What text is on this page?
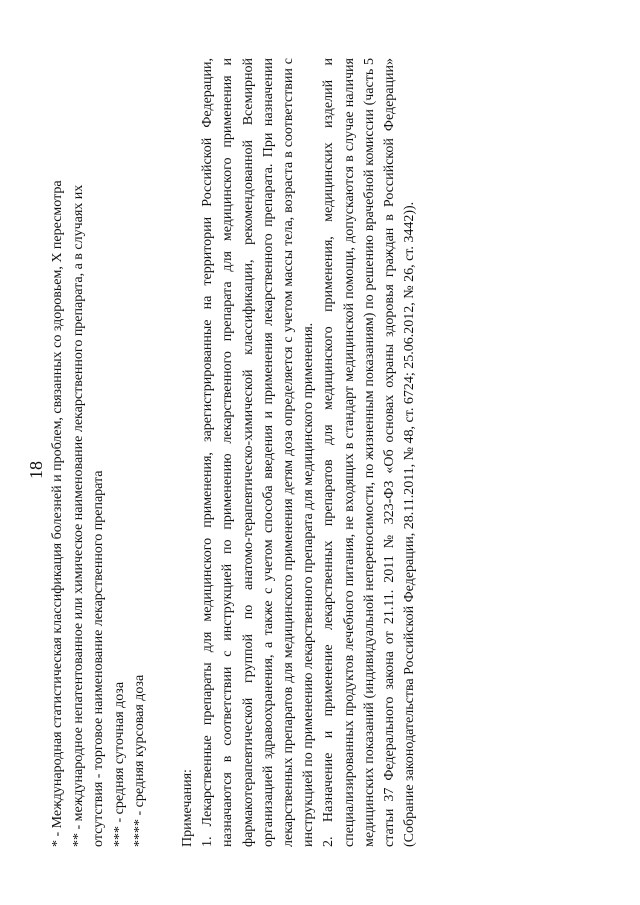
18 * - Международная статистическая классификация болезней и проблем, связанных со здоровьем, X пересмотра ** - международное непатентованное или химическое наименование лекарственного препарата, а в случаях их отсутствия - торговое наименование лекарственного препарата *** - средняя суточная доза **** - средняя курсовая доза Примечания: 1. Лекарственные препараты для медицинского применения, зарегистрированные на территории Российской Федерации, назначаются в соответствии с инструкцией по применению лекарственного препарата для медицинского применения и фармакотерапевтической группой по анатомо-терапевтическо-химической классификации, рекомендованной Всемирной организацией здравоохранения, а также с учетом способа введения и применения лекарственного препарата. При назначении лекарственных препаратов для медицинского применения детям доза определяется с учетом массы тела, возраста в соответствии с инструкцией по применению лекарственного препарата для медицинского применения. 2. Назначение и применение лекарственных препаратов для медицинского применения, медицинских изделий и специализированных продуктов лечебного питания, не входящих в стандарт медицинской помощи, допускаются в случае наличия медицинских показаний (индивидуальной непереносимости, по жизненным показаниям) по решению врачебной комиссии (часть 5 статьи 37 Федерального закона от 21.11. 2011 № 323-ФЗ «Об основах охраны здоровья граждан в Российской Федерации» (Собрание законодательства Российской Федерации, 28.11.2011, № 48, ст. 6724; 25.06.2012, № 26, ст. 3442)).
